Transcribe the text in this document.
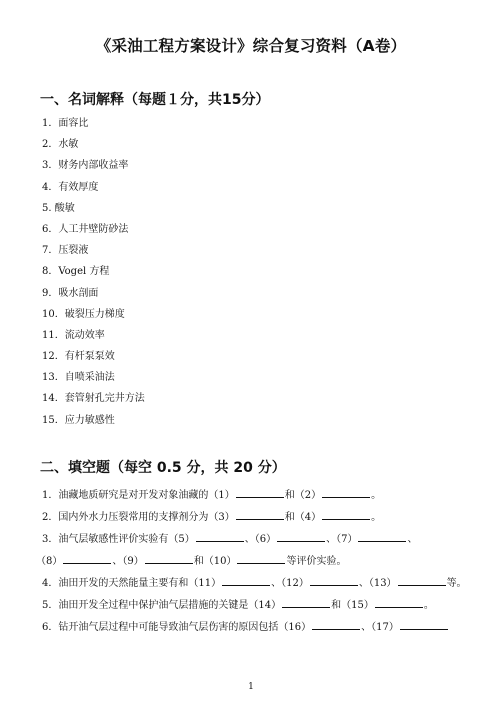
《采油工程方案设计》综合复习资料（A卷）
一、名词解释（每题１分，共15分）
1．面容比
2．水敏
3．财务内部收益率
4．有效厚度
5. 酸敏
6．人工井壁防砂法
7．压裂液
8．Vogel 方程
9．吸水剖面
10．破裂压力梯度
11．流动效率
12．有杆泵泵效
13．自喷采油法
14．套管射孔完井方法
15．应力敏感性
二、填空题（每空 0.5 分，共 20 分）
1．油藏地质研究是对开发对象油藏的（1）	和（2）	。
2．国内外水力压裂常用的支撑剂分为（3）	和（4）	。
3．油气层敏感性评价实验有（5）	、（6）	、（7）	、
（8）	、（9）	和（10）	等评价实验。
4．油田开发的天然能量主要有和（11）	、（12）	、（13）	等。
5．油田开发全过程中保护油气层措施的关键是（14）	和（15）	。
6．钻开油气层过程中可能导致油气层伤害的原因包括（16）	、（17）
1
